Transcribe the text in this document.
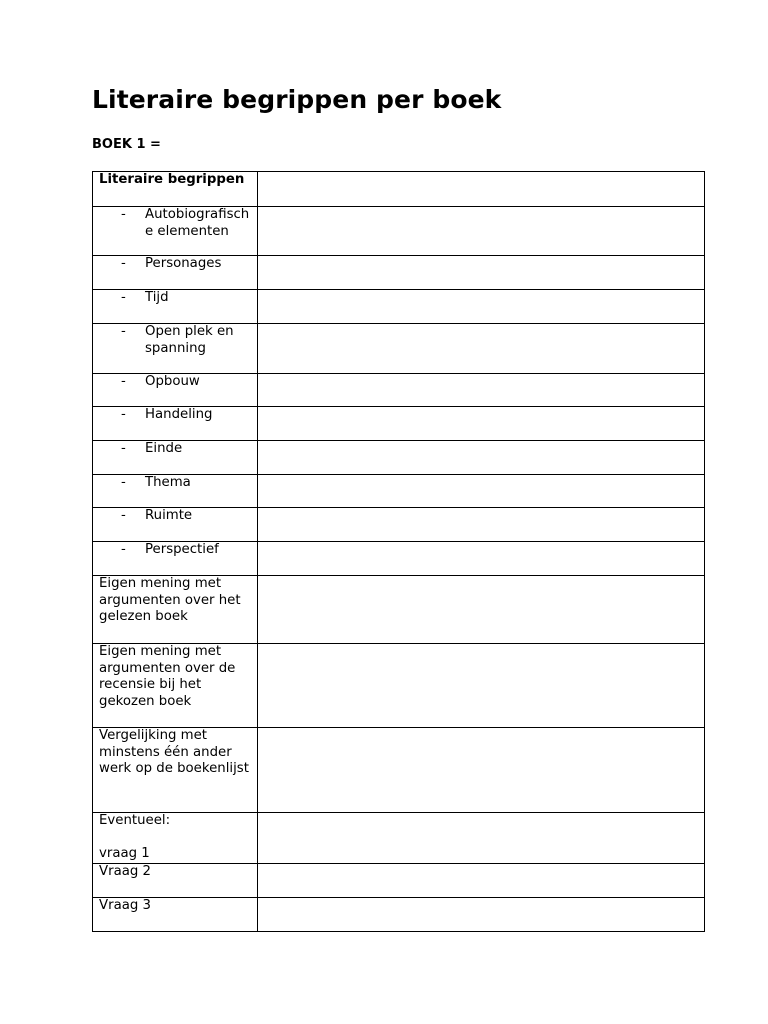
Literaire begrippen per boek

BOEK 1 =

Literaire begrippen	

- Autobiografische elementen	

- Personages	

- Tijd	

- Open plek en spanning	

- Opbouw	

- Handeling	

- Einde	

- Thema	

- Ruimte	

- Perspectief	

Eigen mening met argumenten over het gelezen boek	
Eigen mening met argumenten over de recensie bij het gekozen boek	
Vergelijking met minstens één ander werk op de boekenlijst	
Eventueel:

vraag 1	
Vraag 2	
Vraag 3	
